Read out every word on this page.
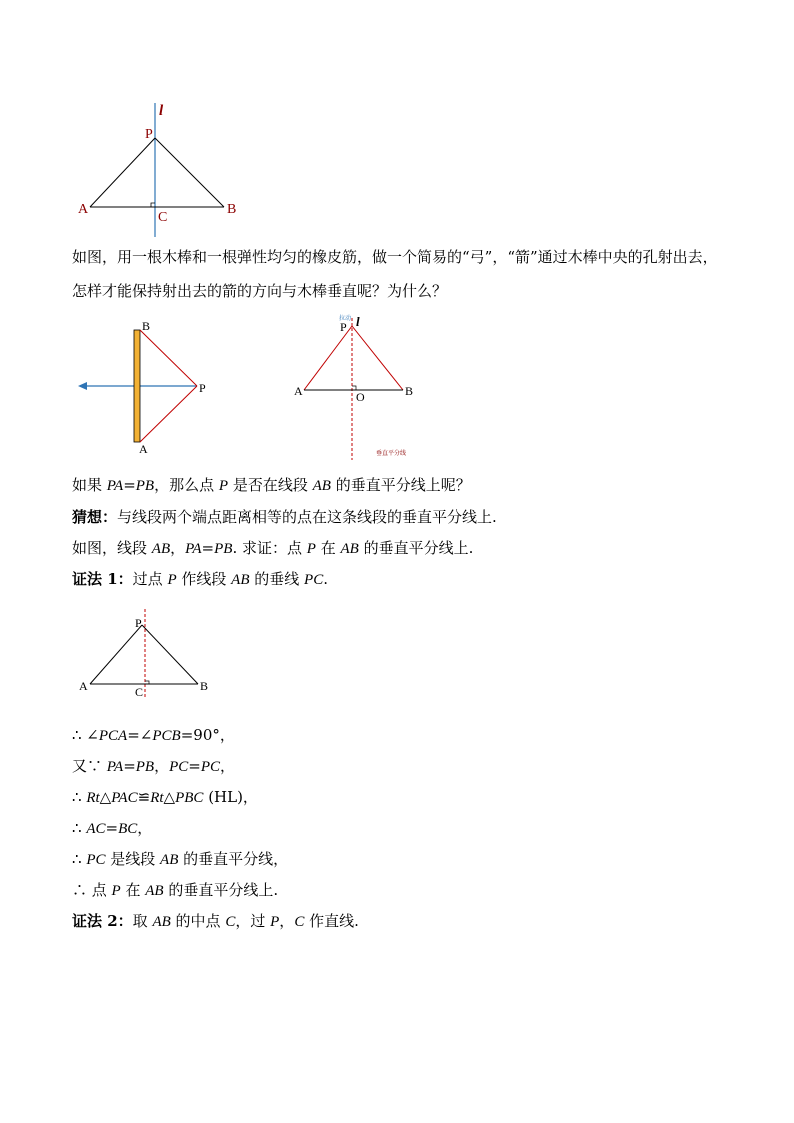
l
P
A	B
C
如图，用一根木棒和一根弹性均匀的橡皮筋，做一个简易的“弓”，“箭”通过木棒中央的孔射出去，怎样才能保持射出去的箭的方向与木棒垂直呢？为什么？
B
P
A
拉动
P l
A	B
O
垂直平分线
如果 PA=PB，那么点 P 是否在线段 AB 的垂直平分线上呢？
猜想：与线段两个端点距离相等的点在这条线段的垂直平分线上.
如图，线段 AB，PA=PB. 求证：点 P 在 AB 的垂直平分线上.
证法 1：过点 P 作线段 AB 的垂线 PC.
P
A	B
C
∴ ∠PCA=∠PCB=90°，
又∵ PA=PB，PC=PC，
∴ Rt△PAC≌Rt△PBC (HL)，
∴ AC=BC，
∴ PC 是线段 AB 的垂直平分线，
∴ 点 P 在 AB 的垂直平分线上.
证法 2：取 AB 的中点 C，过 P，C 作直线.
